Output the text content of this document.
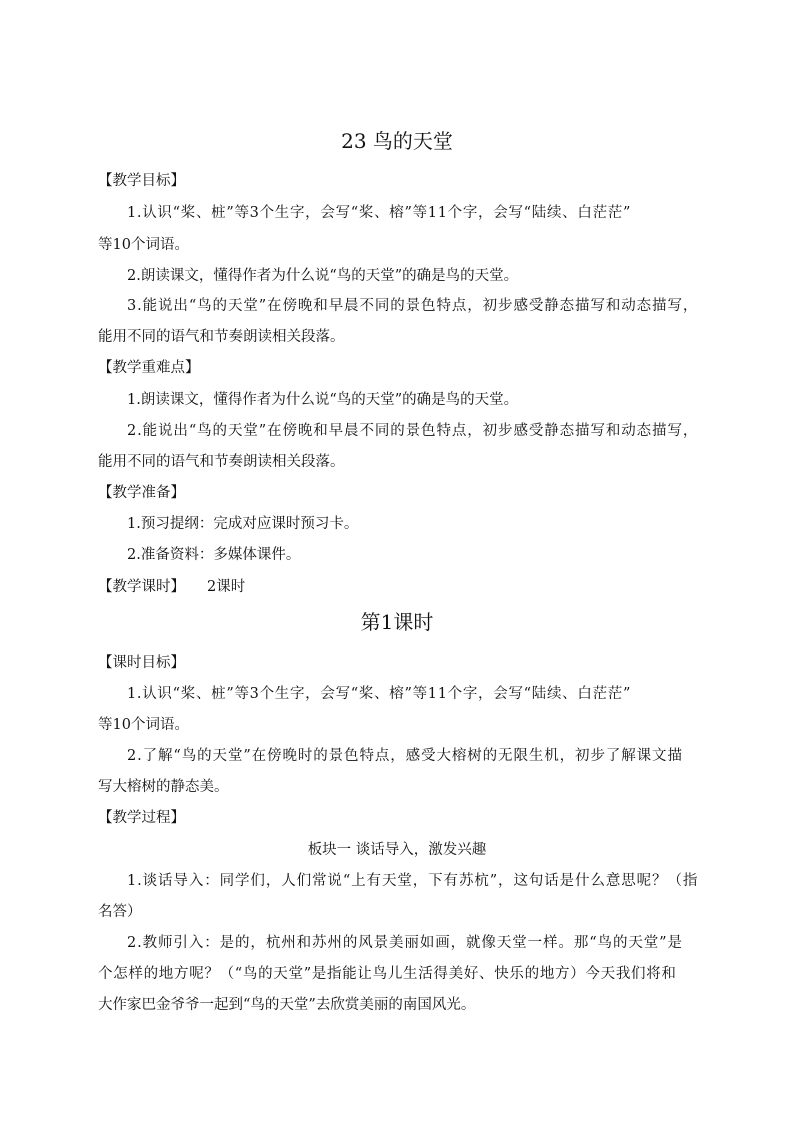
23 鸟的天堂
【教学目标】
1.认识“桨、桩”等3个生字，会写“桨、榕”等11个字，会写“陆续、白茫茫”
等10个词语。
2.朗读课文，懂得作者为什么说“鸟的天堂”的确是鸟的天堂。
3.能说出“鸟的天堂”在傍晚和早晨不同的景色特点，初步感受静态描写和动态描写，
能用不同的语气和节奏朗读相关段落。
【教学重难点】
1.朗读课文，懂得作者为什么说“鸟的天堂”的确是鸟的天堂。
2.能说出“鸟的天堂”在傍晚和早晨不同的景色特点，初步感受静态描写和动态描写，
能用不同的语气和节奏朗读相关段落。
【教学准备】
1.预习提纲：完成对应课时预习卡。
2.准备资料：多媒体课件。
【教学课时】 2课时
第1课时
【课时目标】
1.认识“桨、桩”等3个生字，会写“桨、榕”等11个字，会写“陆续、白茫茫”
等10个词语。
2.了解“鸟的天堂”在傍晚时的景色特点，感受大榕树的无限生机，初步了解课文描
写大榕树的静态美。
【教学过程】
板块一 谈话导入，激发兴趣
1.谈话导入：同学们，人们常说“上有天堂，下有苏杭”，这句话是什么意思呢？（指
名答）
2.教师引入：是的，杭州和苏州的风景美丽如画，就像天堂一样。那“鸟的天堂”是
个怎样的地方呢？（“鸟的天堂”是指能让鸟儿生活得美好、快乐的地方）今天我们将和
大作家巴金爷爷一起到“鸟的天堂”去欣赏美丽的南国风光。
